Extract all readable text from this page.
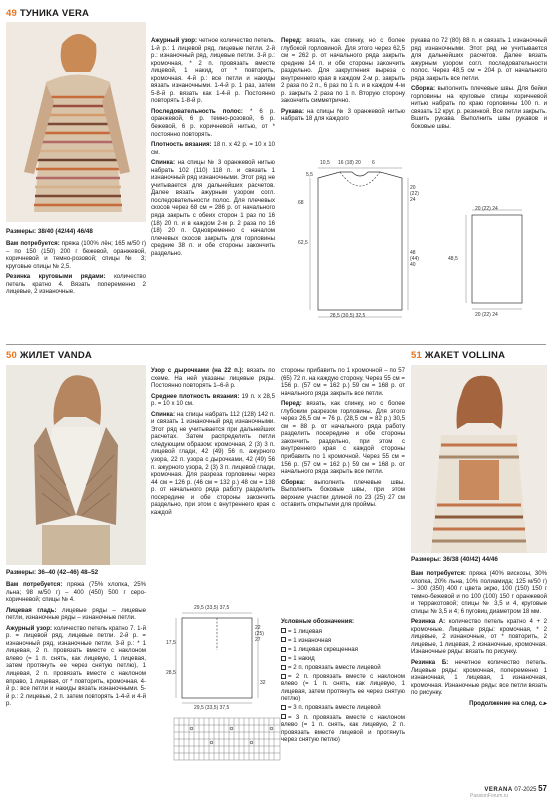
49 ТУНИКА VERA
Размеры: 38/40 (42/44) 46/48

Вам потребуется: пряжа (100% лён; 165 м/50 г) – по 150 (150) 200 г бежевой, оранжевой, коричневой и темно-розовой; спицы № 3; круговые спицы № 2,5.

Резинка круговыми рядами: количество петель кратно 4. Вязать попеременно 2 лицевые, 2 изнаночные.

Ажурный узор: четное количество петель. 1-й р.: 1 лицевой ряд, лицевые петли. 2-й р.: изнаночный ряд, лицевые петли. 3-й р.: кромочная, * 2 п. провязать вместе лицевой, 1 накид, от * повторить, кромочная. 4-й р.: все петли и накиды вязать изнаночными. 1-4-й р. 1 раз, затем 5-8-й р. вязать как 1-4-й р. Постоянно повторять 1-8-й р.

Последовательность полос: * 6 р. оранжевой, 6 р. темно-розовой, 6 р. бежевой, 6 р. коричневой нитью, от * постоянно повторять.

Плотность вязания: 18 п. x 42 р. = 10 x 10 см.

Спинка: на спицы № 3 оранжевой нитью набрать 102 (110) 118 п. и связать 1 изнаночный ряд изнаночными. Этот ряд не учитывается для дальнейших расчетов. Далее вязать ажурным узором согл. последовательности полос. Для плечевых скосов через 68 см = 286 р. от начального ряда закрыть с обеих сторон 1 раз по 16 (18) 20 п. и в каждом 2-м р. 2 раза по 16 (18) 20 п. Одновременно с началом плечевых скосов закрыть для горловины средние 38 п. и обе стороны закончить раздельно.

Перед: вязать, как спинку, но с более глубокой горловиной. Для этого через 62,5 см = 262 р. от начального ряда закрыть средние 14 п. и обе стороны закончить раздельно. Для закругления вырезa с внутреннего края в каждом 2-м р. закрыть 2 раза по 2 п., 6 раз по 1 п. и в каждом 4-м р. закрыть 2 раза по 1 п. Вторую сторону закончить симметрично.

Рукава: на спицы № 3 оранжевой нитью набрать 18 для каждого

рукава по 72 (80) 88 п. и связать 1 изнаночный ряд изнаночными. Этот ряд не учитывается для дальнейших расчетов. Далее вязать ажурным узором согл. последовательности полос. Через 48,5 см = 204 р. от начального ряда закрыть все петли.

Сборка: выполнить плечевые швы. Для бейки горловины на круговые спицы коричневой нитью набрать по краю горловины 100 п. и связать 12 круг. р. резинкой. Все петли закрыть. Вшить рукава. Выполнить швы рукавов и боковые швы.

10,5 16 (18) 20 6
5,5
20 (22) 24
62,5
48 (44) 40
28,5 (30,5) 32,5
68
20 (22) 24
48,5
20 (22) 24
50 ЖИЛЕТ VANDA
Размеры: 36–40 (42–46) 48–52

Вам потребуется: пряжа (75% хлопка, 25% льна; 98 м/50 г) – 400 (450) 500 г серо-коричневой; спицы № 4.

Лицевая гладь: лицевые ряды – лицевые петли, изнаночные ряды – изнаночные петли.

Ажурный узор: количество петель кратно 7. 1-й р. = лицевой ряд, лицевые петли. 2-й р. = изнаночный ряд, изнаночные петли. 3-й р.: * 1 лицевая, 2 п. провязать вместе с наклоном влево (= 1 п. снять, как лицевую, 1 лицевая, затем протянуть ее через снятую петлю), 1 лицевая, 2 п. провязать вместе с наклоном вправо, 1 лицевая, от * повторить, кромочная. 4-й р.: все петли и накиды вязать изнаночными. 5-й р.: 2 лицевые, 2 п. затем повторять 1-4-й и 4-й р.

Узор с дырочками (на 22 п.): вязать по схеме. На ней указаны лицевые ряды. Постоянно повторять 1–6-й р.

Среднее плотность вязания: 19 п. x 28,5 р. = 10 x 10 см.

Спинка: на спицы набрать 112 (128) 142 п. и связать 1 изнаночный ряд изнаночными. Этот ряд не учитывается при дальнейших расчетах. Затем распределить петли следующим образом: кромочная, 2 (3) 3 п. лицевой глади, 42 (49) 56 п. ажурного узора, 22 п. узора с дырочками, 42 (49) 56 п. ажурного узора, 2 (3) 3 п. лицевой глади, кромочная. Для разреза горловины через 44 см = 126 р. (46 см = 132 р.) 48 см = 138 р. от начального ряда работу разделить посередине и обе стороны закончить раздельно, при этом с внутреннего края с каждой

стороны прибавить по 1 кромочной – по 57 (65) 72 п. на каждую сторону. Через 55 см = 156 р. (57 см = 162 р.) 59 см = 168 р. от начального ряда закрыть все петли.

Перед: вязать, как спинку, но с более глубоким разрезом горловины. Для этого через 26,5 см = 76 р. (28,5 см = 82 р.) 30,5 см = 88 р. от начального ряда работу разделить посередине и обе стороны закончить раздельно, при этом с внутреннего края с каждой стороны прибавить по 1 кромочной. Через 55 см = 156 р. (57 см = 162 р.) 59 см = 168 р. от начального ряда закрыть все петли.

Сборка: выполнить плечевые швы. Выполнить боковые швы, при этом верхние участки длиной по 23 (25) 27 см оставить открытыми для проймы.

29,5 (33,5) 37,5
22 (25) 27
17,5
28,5
32
29,5 (33,5) 37,5

Условные обозначения:

= 1 лицевая
= 1 изнаночная
= 1 лицевая скрещенная
= 1 накид
= 2 п. провязать вместе лицевой
= 2 п. провязать вместе с наклоном влево (= 1 п. снять, как лицевую, 1 лицевая, затем протянуть ее через снятую петлю)
= 3 п. провязать вместе лицевой
= 3 п. провязать вместе с наклоном влево (= 1 п. снять, как лицевую, 2 п. провязать вместе лицевой и протянуть через снятую петлю)
51 ЖАКЕТ VOLLINA
Размеры: 36/38 (40/42) 44/46

Вам потребуется: пряжа (40% вискозы, 30% хлопка, 20% льна, 10% полиамида; 125 м/50 г) – 300 (350) 400 г цвета экрю, 100 (150) 150 г темно-бежевой и по 100 (100) 150 г оранжевой и терракотовой; спицы № 3,5 и 4, круговые спицы № 3,5 и 4; 6 пуговиц диаметром 18 мм.

Резинка А: количество петель кратно 4 + 2 кромочные. Лицевые ряды: кромочная, * 2 лицевые, 2 изнаночные, от * повторить, 2 лицевые, 1 лицевая, 2 изнаночные, кромочная. Изнаночные ряды: вязать по рисунку.

Резинка Б: нечетное количество петель. Лицевые ряды: кромочная, попеременно 1 изнаночная, 1 лицевая, 1 изнаночная, кромочная. Изнаночные ряды: все петли вязать по рисунку.

Продолжение на след. с.▸

VERANA 07-2025 57
PassionForum.ru
